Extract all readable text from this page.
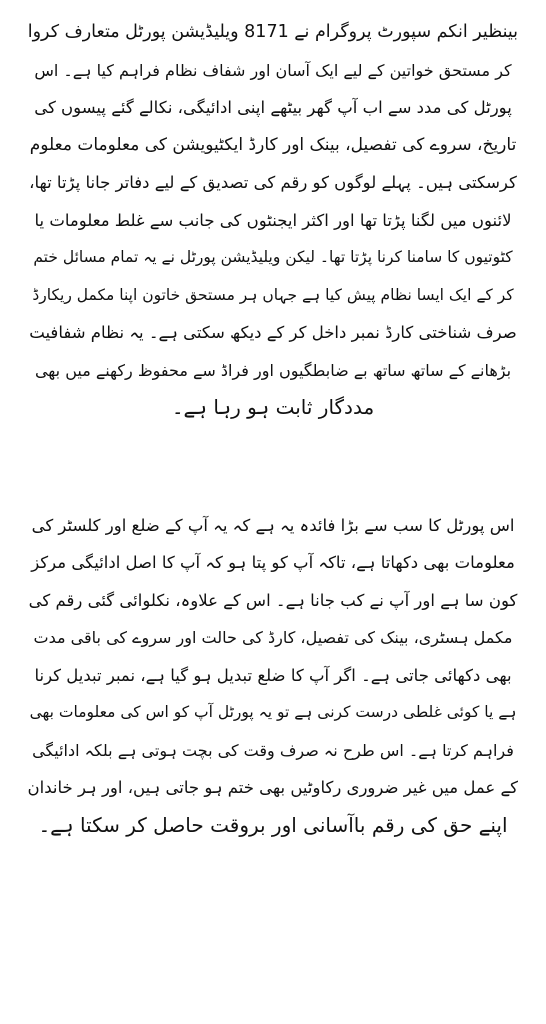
بینظیر انکم سپورٹ پروگرام نے 8171 ویلیڈیشن پورٹل متعارف کروا
کر مستحق خواتین کے لیے ایک آسان اور شفاف نظام فراہم کیا ہے۔ اس
پورٹل کی مدد سے اب آپ گھر بیٹھے اپنی ادائیگی، نکالے گئے پیسوں کی
تاریخ، سروے کی تفصیل، بینک اور کارڈ ایکٹیویشن کی معلومات معلوم
کرسکتی ہیں۔ پہلے لوگوں کو رقم کی تصدیق کے لیے دفاتر جانا پڑتا تھا،
لائنوں میں لگنا پڑتا تھا اور اکثر ایجنٹوں کی جانب سے غلط معلومات یا
کٹوتیوں کا سامنا کرنا پڑتا تھا۔ لیکن ویلیڈیشن پورٹل نے یہ تمام مسائل ختم
کر کے ایک ایسا نظام پیش کیا ہے جہاں ہر مستحق خاتون اپنا مکمل ریکارڈ
صرف شناختی کارڈ نمبر داخل کر کے دیکھ سکتی ہے۔ یہ نظام شفافیت
بڑھانے کے ساتھ ساتھ بے ضابطگیوں اور فراڈ سے محفوظ رکھنے میں بھی
مددگار ثابت ہو رہا ہے۔
اس پورٹل کا سب سے بڑا فائدہ یہ ہے کہ یہ آپ کے ضلع اور کلسٹر کی
معلومات بھی دکھاتا ہے، تاکہ آپ کو پتا ہو کہ آپ کا اصل ادائیگی مرکز
کون سا ہے اور آپ نے کب جانا ہے۔ اس کے علاوہ، نکلوائی گئی رقم کی
مکمل ہسٹری، بینک کی تفصیل، کارڈ کی حالت اور سروے کی باقی مدت
بھی دکھائی جاتی ہے۔ اگر آپ کا ضلع تبدیل ہو گیا ہے، نمبر تبدیل کرنا
ہے یا کوئی غلطی درست کرنی ہے تو یہ پورٹل آپ کو اس کی معلومات بھی
فراہم کرتا ہے۔ اس طرح نہ صرف وقت کی بچت ہوتی ہے بلکہ ادائیگی
کے عمل میں غیر ضروری رکاوٹیں بھی ختم ہو جاتی ہیں، اور ہر خاندان
اپنے حق کی رقم باآسانی اور بروقت حاصل کر سکتا ہے۔
